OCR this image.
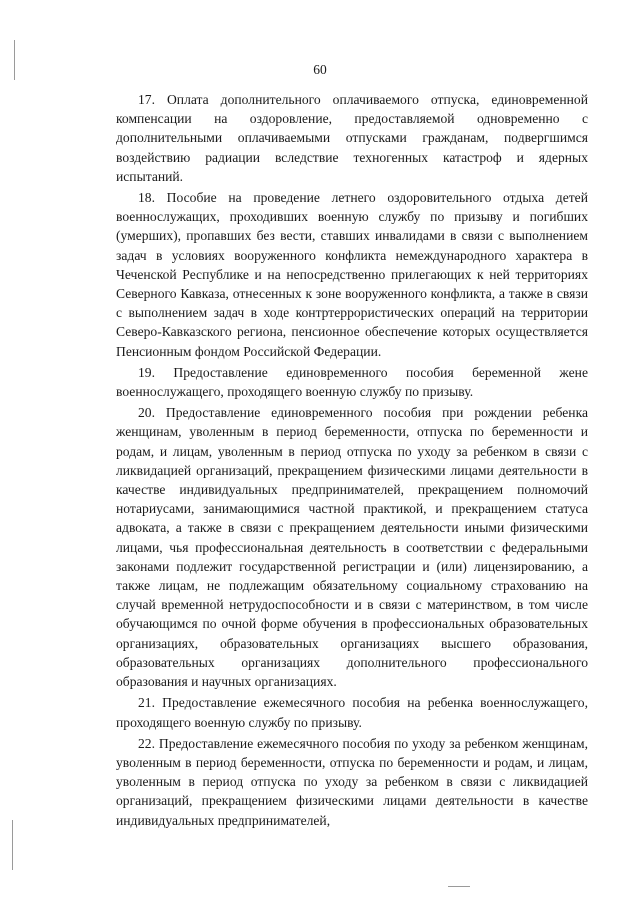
60

17. Оплата дополнительного оплачиваемого отпуска, единовременной компенсации на оздоровление, предоставляемой одновременно с дополнительными оплачиваемыми отпусками гражданам, подвергшимся воздействию радиации вследствие техногенных катастроф и ядерных испытаний.

18. Пособие на проведение летнего оздоровительного отдыха детей военнослужащих, проходивших военную службу по призыву и погибших (умерших), пропавших без вести, ставших инвалидами в связи с выполнением задач в условиях вооруженного конфликта немеждународного характера в Чеченской Республике и на непосредственно прилегающих к ней территориях Северного Кавказа, отнесенных к зоне вооруженного конфликта, а также в связи с выполнением задач в ходе контртеррористических операций на территории Северо-Кавказского региона, пенсионное обеспечение которых осуществляется Пенсионным фондом Российской Федерации.

19. Предоставление единовременного пособия беременной жене военнослужащего, проходящего военную службу по призыву.

20. Предоставление единовременного пособия при рождении ребенка женщинам, уволенным в период беременности, отпуска по беременности и родам, и лицам, уволенным в период отпуска по уходу за ребенком в связи с ликвидацией организаций, прекращением физическими лицами деятельности в качестве индивидуальных предпринимателей, прекращением полномочий нотариусами, занимающимися частной практикой, и прекращением статуса адвоката, а также в связи с прекращением деятельности иными физическими лицами, чья профессиональная деятельность в соответствии с федеральными законами подлежит государственной регистрации и (или) лицензированию, а также лицам, не подлежащим обязательному социальному страхованию на случай временной нетрудоспособности и в связи с материнством, в том числе обучающимся по очной форме обучения в профессиональных образовательных организациях, образовательных организациях высшего образования, образовательных организациях дополнительного профессионального образования и научных организациях.

21. Предоставление ежемесячного пособия на ребенка военнослужащего, проходящего военную службу по призыву.

22. Предоставление ежемесячного пособия по уходу за ребенком женщинам, уволенным в период беременности, отпуска по беременности и родам, и лицам, уволенным в период отпуска по уходу за ребенком в связи с ликвидацией организаций, прекращением физическими лицами деятельности в качестве индивидуальных предпринимателей,
